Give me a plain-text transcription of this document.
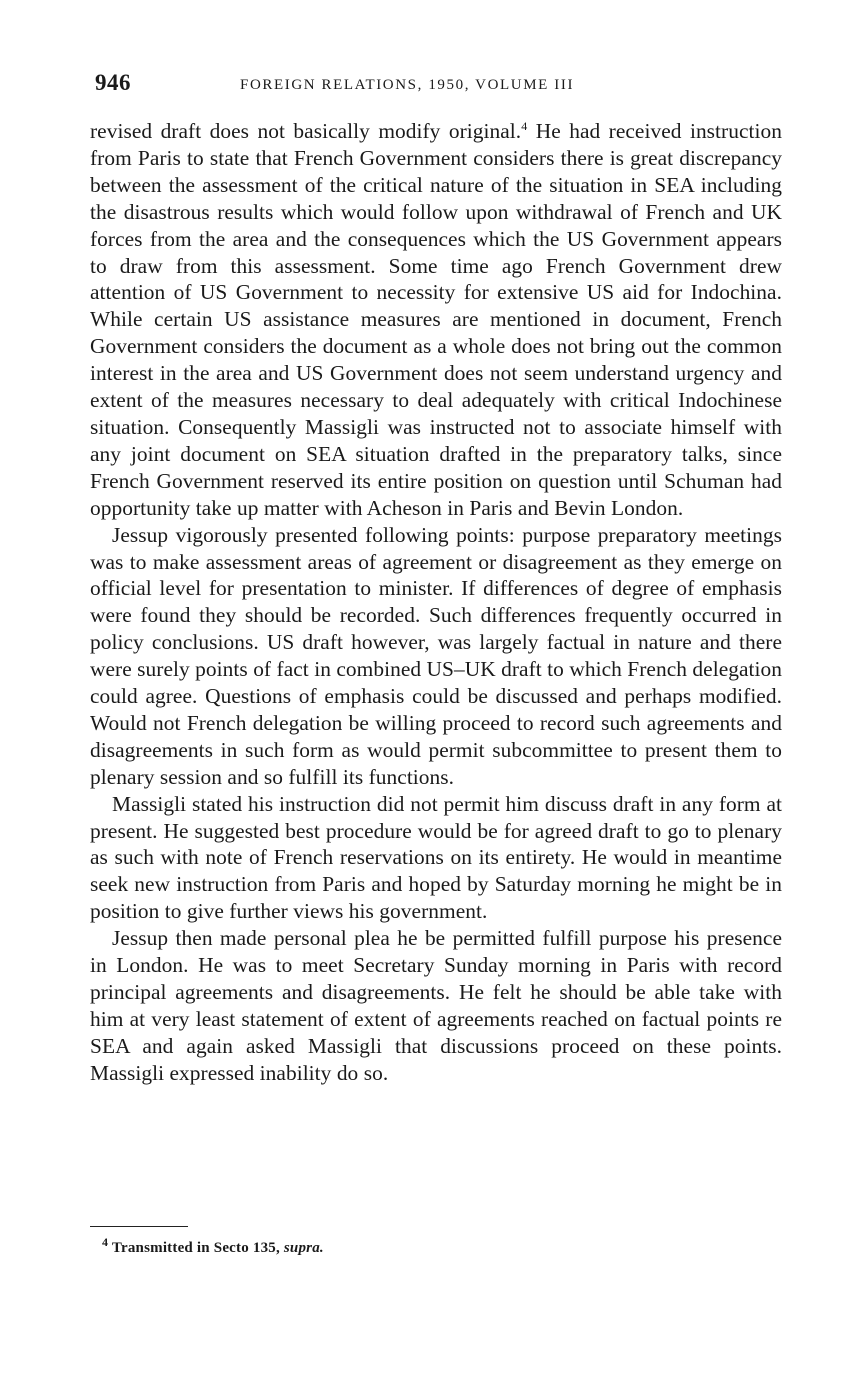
946	FOREIGN RELATIONS, 1950, VOLUME III

revised draft does not basically modify original.$^4$ He had received instruction from Paris to state that French Government considers there is great discrepancy between the assessment of the critical nature of the situation in SEA including the disastrous results which would follow upon withdrawal of French and UK forces from the area and the consequences which the US Government appears to draw from this assessment. Some time ago French Government drew attention of US Government to necessity for extensive US aid for Indochina. While certain US assistance measures are mentioned in document, French Government considers the document as a whole does not bring out the common interest in the area and US Government does not seem understand urgency and extent of the measures necessary to deal adequately with critical Indochinese situation. Consequently Massigli was instructed not to associate himself with any joint document on SEA situation drafted in the preparatory talks, since French Government reserved its entire position on question until Schuman had opportunity take up matter with Acheson in Paris and Bevin London.

Jessup vigorously presented following points: purpose preparatory meetings was to make assessment areas of agreement or disagreement as they emerge on official level for presentation to minister. If differences of degree of emphasis were found they should be recorded. Such differences frequently occurred in policy conclusions. US draft however, was largely factual in nature and there were surely points of fact in combined US–UK draft to which French delegation could agree. Questions of emphasis could be discussed and perhaps modified. Would not French delegation be willing proceed to record such agreements and disagreements in such form as would permit subcommittee to present them to plenary session and so fulfill its functions.

Massigli stated his instruction did not permit him discuss draft in any form at present. He suggested best procedure would be for agreed draft to go to plenary as such with note of French reservations on its entirety. He would in meantime seek new instruction from Paris and hoped by Saturday morning he might be in position to give further views his government.

Jessup then made personal plea he be permitted fulfill purpose his presence in London. He was to meet Secretary Sunday morning in Paris with record principal agreements and disagreements. He felt he should be able take with him at very least statement of extent of agreements reached on factual points re SEA and again asked Massigli that discussions proceed on these points. Massigli expressed inability do so.

$^4$ Transmitted in Secto 135, supra.
